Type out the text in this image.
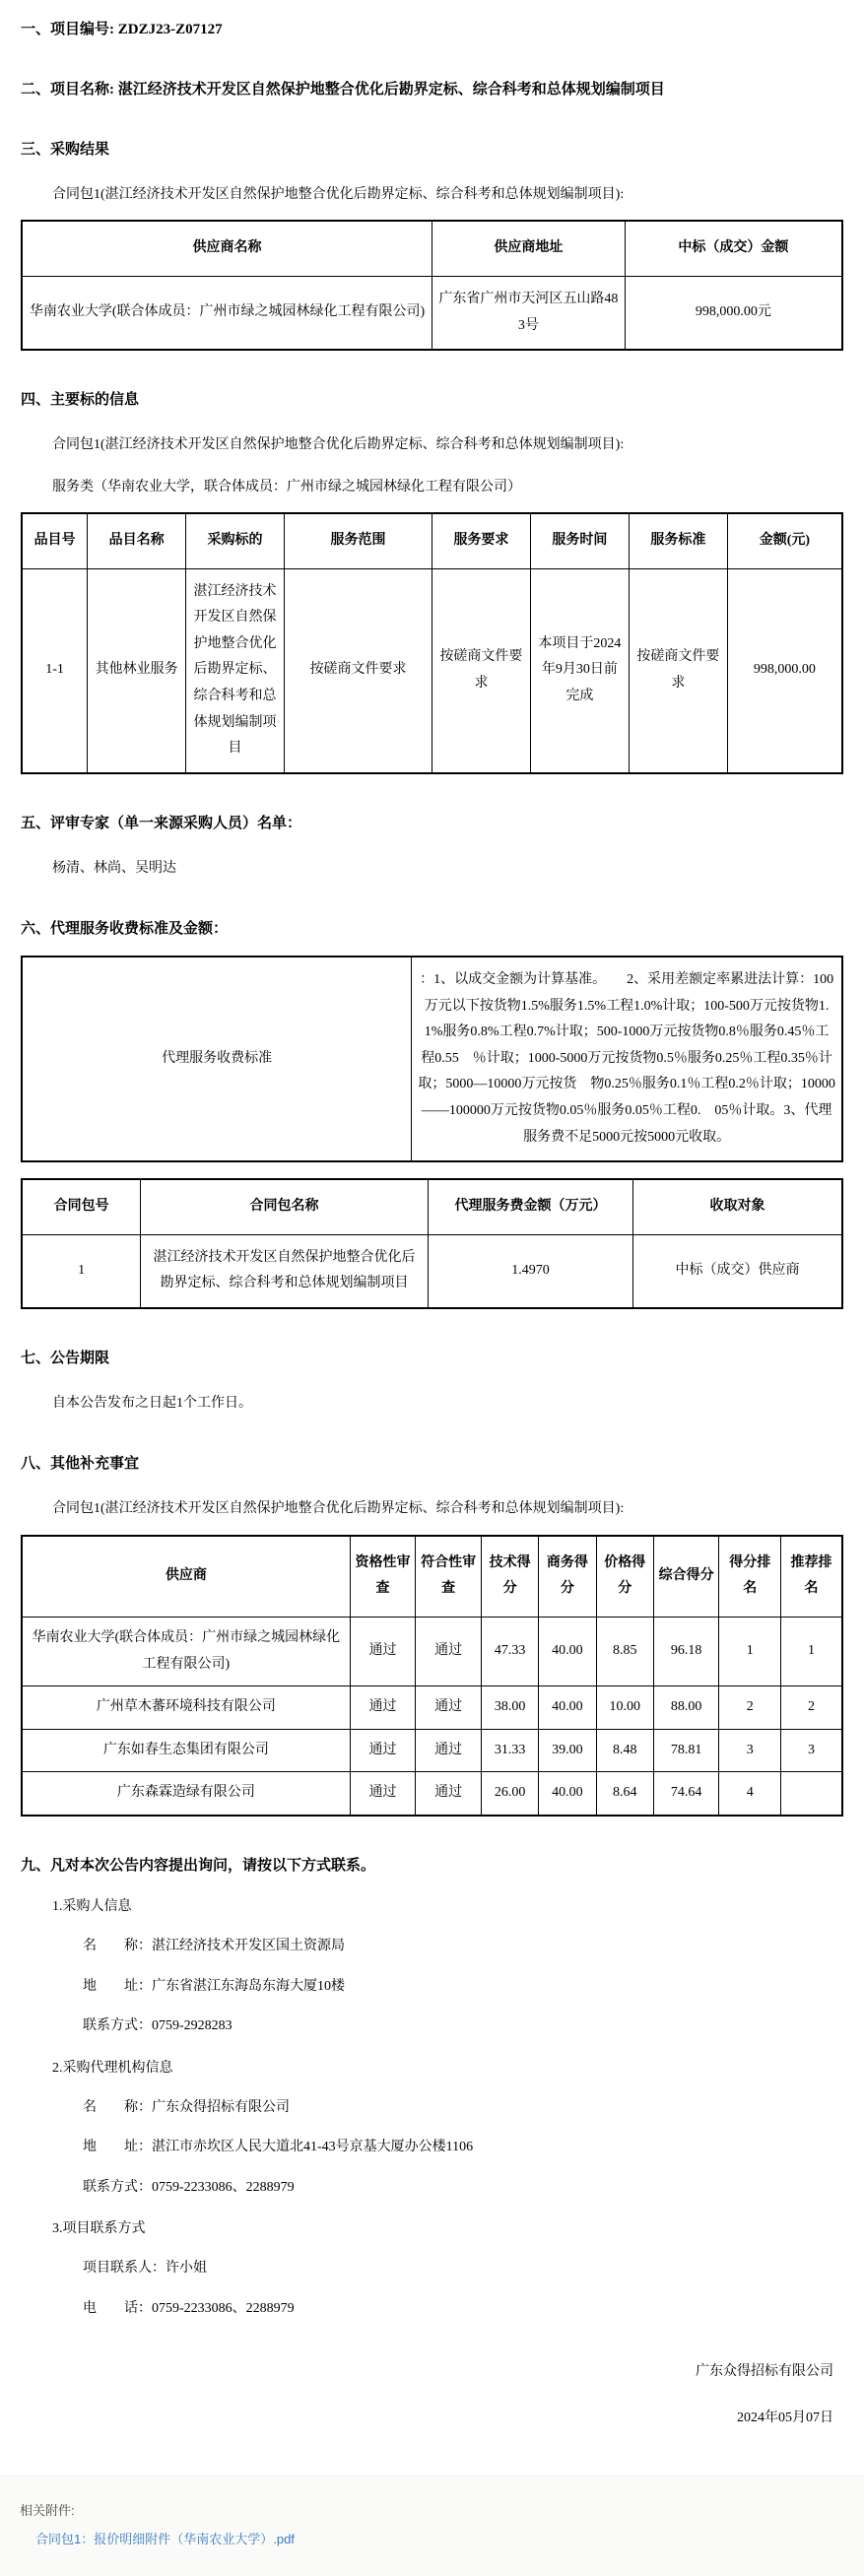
一、项目编号: ZDZJ23-Z07127
二、项目名称: 湛江经济技术开发区自然保护地整合优化后勘界定标、综合科考和总体规划编制项目
三、采购结果
合同包1(湛江经济技术开发区自然保护地整合优化后勘界定标、综合科考和总体规划编制项目):
供应商名称	供应商地址	中标（成交）金额
华南农业大学(联合体成员：广州市绿之城园林绿化工程有限公司)	广东省广州市天河区五山路483号	998,000.00元
四、主要标的信息
合同包1(湛江经济技术开发区自然保护地整合优化后勘界定标、综合科考和总体规划编制项目):
服务类（华南农业大学，联合体成员：广州市绿之城园林绿化工程有限公司）
品目号	品目名称	采购标的	服务范围	服务要求	服务时间	服务标准	金额(元)
1-1	其他林业服务	湛江经济技术开发区自然保护地整合优化后勘界定标、综合科考和总体规划编制项目	按磋商文件要求	按磋商文件要求	本项目于2024年9月30日前完成	按磋商文件要求	998,000.00
五、评审专家（单一来源采购人员）名单：
杨清、林尚、吴明达
六、代理服务收费标准及金额：
代理服务收费标准	：1、以成交金额为计算基准。　　2、采用差额定率累进法计算：100万元以下按货物1.5%服务1.5%工程1.0%计取；100-500万元按货物1.1%服务0.8%工程0.7%计取；500-1000万元按货物0.8％服务0.45％工程0.55　％计取；1000-5000万元按货物0.5％服务0.25％工程0.35％计取；5000—10000万元按货　物0.25％服务0.1％工程0.2％计取；10000――100000万元按货物0.05％服务0.05％工程0.　05％计取。3、代理服务费不足5000元按5000元收取。
合同包号	合同包名称	代理服务费金额（万元）	收取对象
1	湛江经济技术开发区自然保护地整合优化后勘界定标、综合科考和总体规划编制项目	1.4970	中标（成交）供应商
七、公告期限
自本公告发布之日起1个工作日。
八、其他补充事宜
合同包1(湛江经济技术开发区自然保护地整合优化后勘界定标、综合科考和总体规划编制项目):
供应商	资格性审查	符合性审查	技术得分	商务得分	价格得分	综合得分	得分排名	推荐排名
华南农业大学(联合体成员：广州市绿之城园林绿化工程有限公司)	通过	通过	47.33	40.00	8.85	96.18	1	1
广州草木蕃环境科技有限公司	通过	通过	38.00	40.00	10.00	88.00	2	2
广东如春生态集团有限公司	通过	通过	31.33	39.00	8.48	78.81	3	3
广东森霖造绿有限公司	通过	通过	26.00	40.00	8.64	74.64	4	
九、凡对本次公告内容提出询问，请按以下方式联系。
1.采购人信息
名　　称：湛江经济技术开发区国土资源局
地　　址：广东省湛江东海岛东海大厦10楼
联系方式：0759-2928283
2.采购代理机构信息
名　　称：广东众得招标有限公司
地　　址：湛江市赤坎区人民大道北41-43号京基大厦办公楼1106
联系方式：0759-2233086、2288979
3.项目联系方式
项目联系人：许小姐
电　　话：0759-2233086、2288979
广东众得招标有限公司
2024年05月07日
相关附件:
合同包1：报价明细附件（华南农业大学）.pdf
